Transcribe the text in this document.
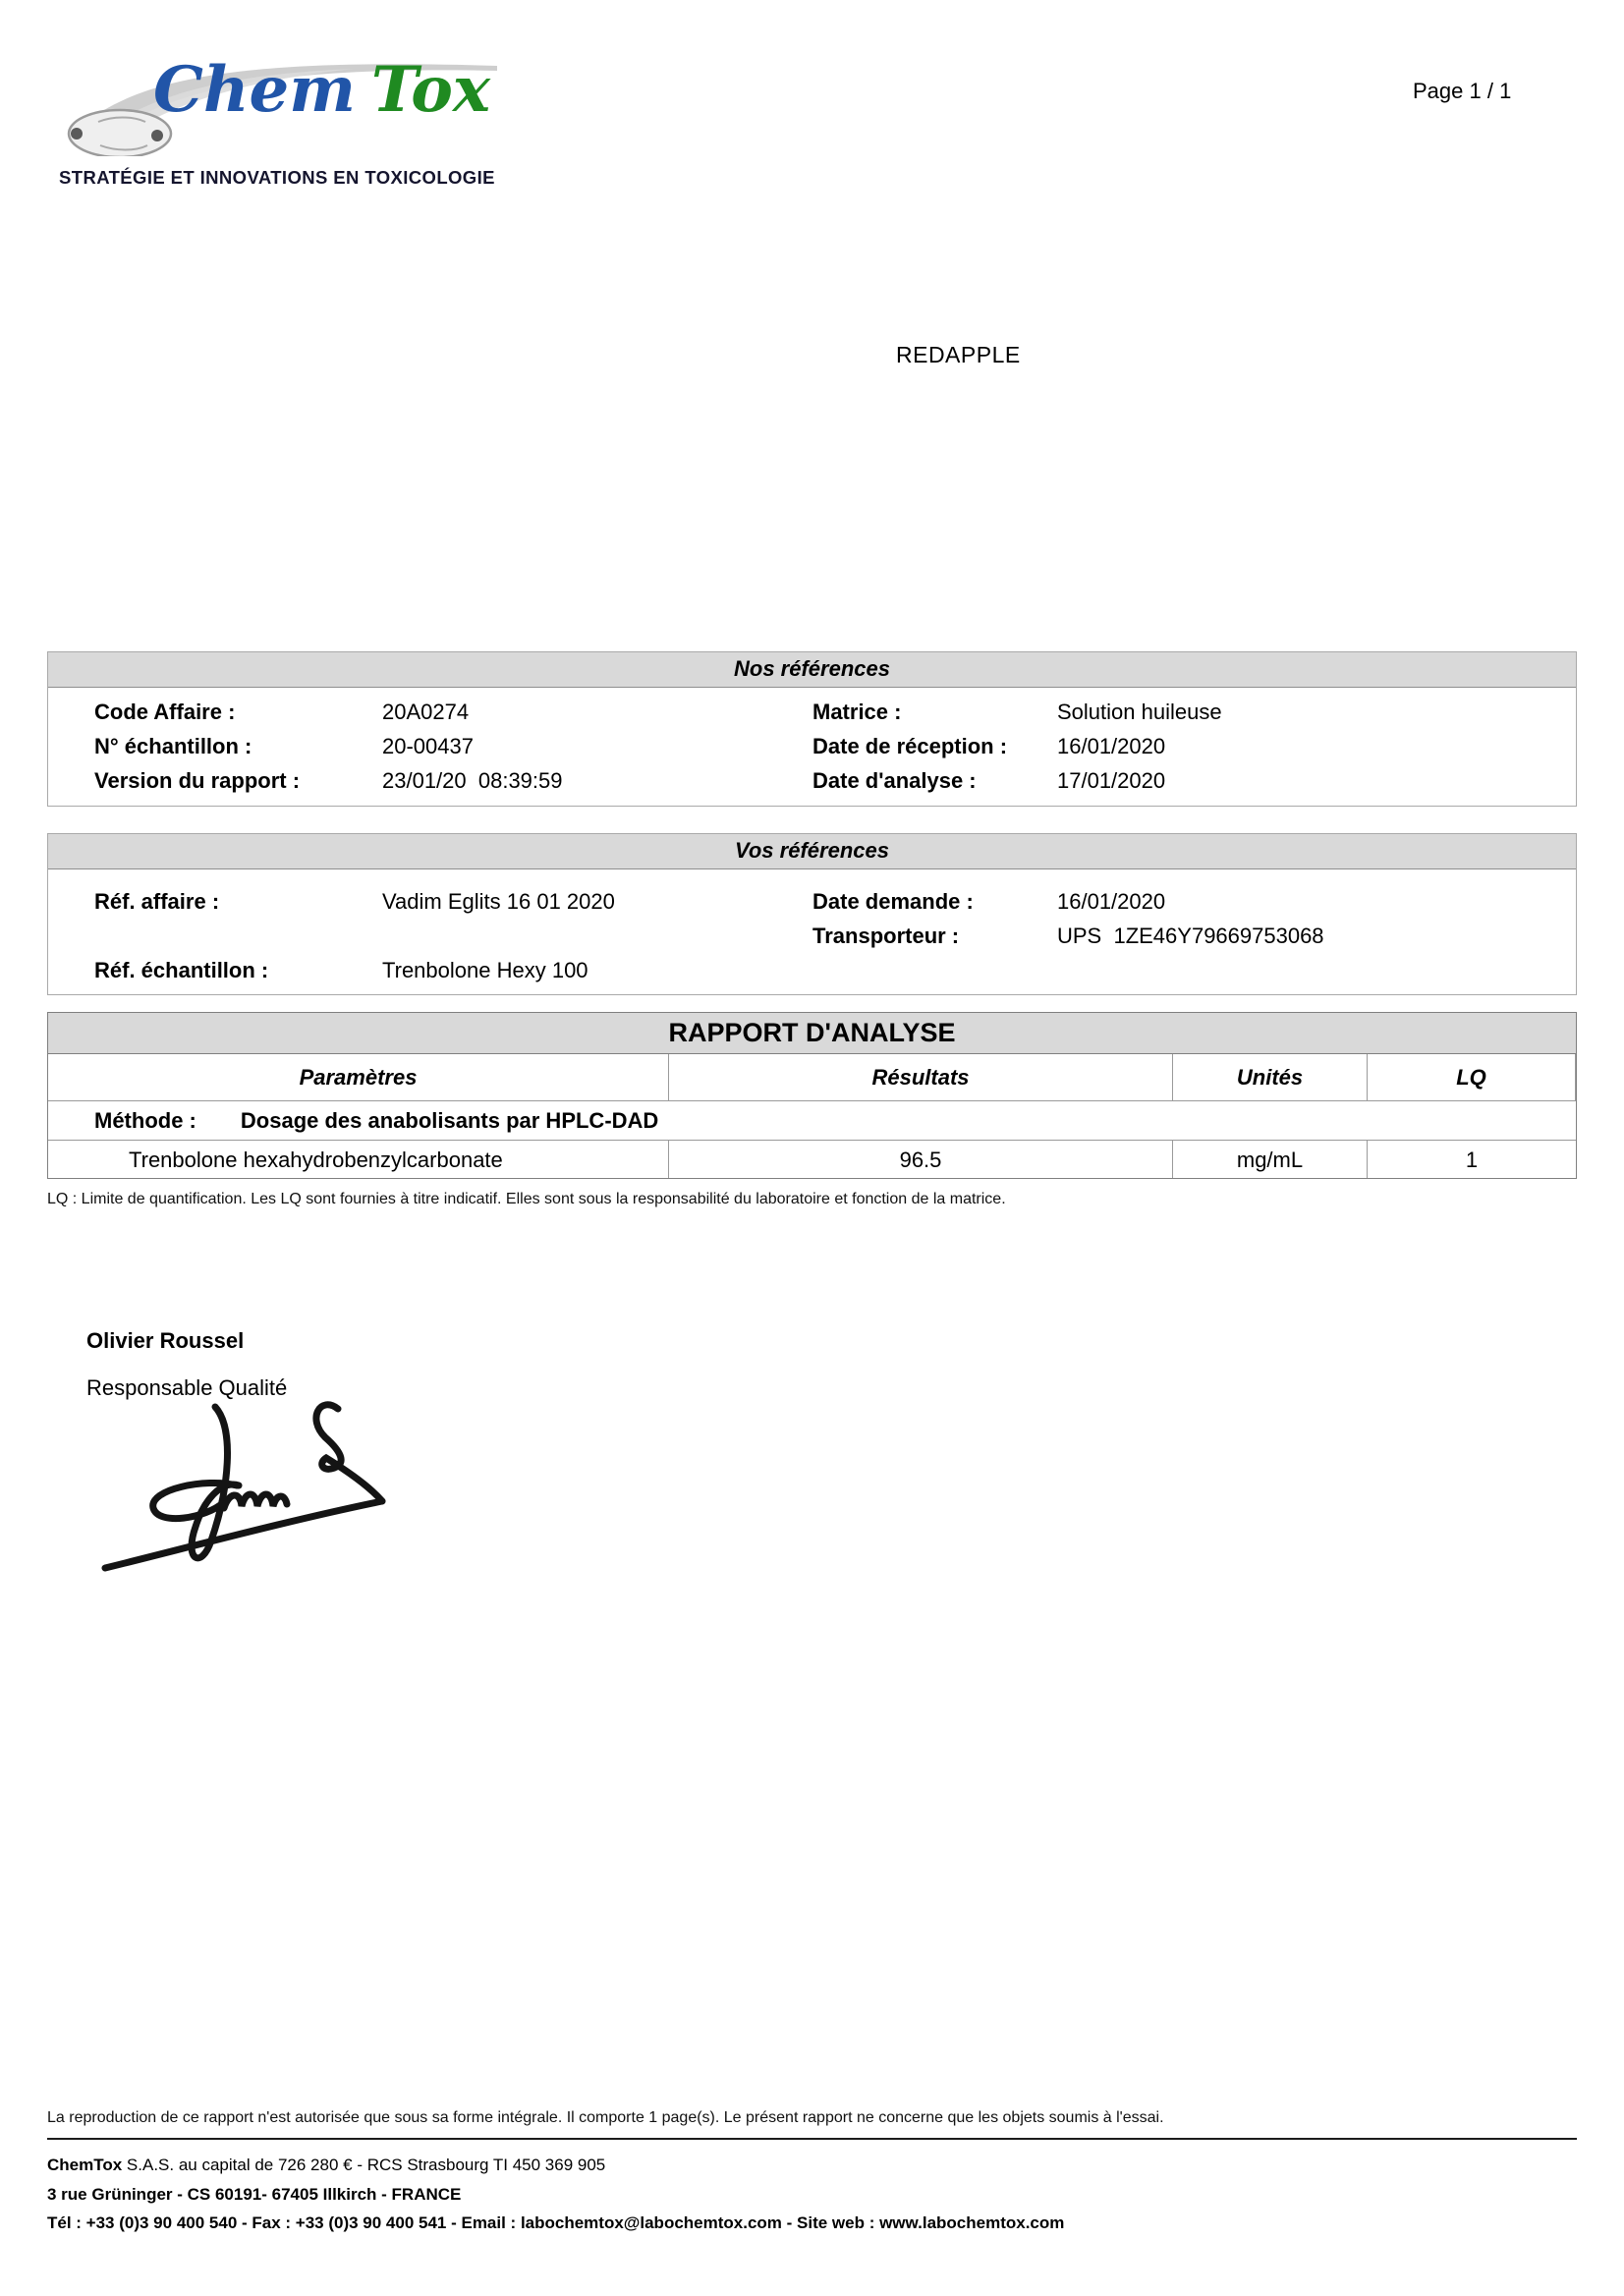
Chem Tox
STRATÉGIE ET INNOVATIONS EN TOXICOLOGIE
Page 1 / 1
REDAPPLE
Nos références
Code Affaire :	20A0274
N° échantillon :	20-00437
Version du rapport :	23/01/20  08:39:59
Matrice :	Solution huileuse
Date de réception : 16/01/2020
Date d'analyse :	17/01/2020
Vos références
Réf. affaire :	Vadim Eglits 16 01 2020
Réf. échantillon :	Trenbolone Hexy 100
Date demande :	16/01/2020
Transporteur :	UPS  1ZE46Y79669753068
RAPPORT D'ANALYSE
Paramètres	Résultats	Unités	LQ
Méthode : Dosage des anabolisants par HPLC-DAD
Trenbolone hexahydrobenzylcarbonate	96.5	mg/mL	1
LQ : Limite de quantification. Les LQ sont fournies à titre indicatif. Elles sont sous la responsabilité du laboratoire et fonction de la matrice.
Olivier Roussel
Responsable Qualité
La reproduction de ce rapport n'est autorisée que sous sa forme intégrale. Il comporte 1 page(s). Le présent rapport ne concerne que les objets soumis à l'essai.
ChemTox S.A.S. au capital de 726 280 € - RCS Strasbourg TI 450 369 905
3 rue Grüninger - CS 60191- 67405 Illkirch - FRANCE
Tél : +33 (0)3 90 400 540 - Fax : +33 (0)3 90 400 541 - Email : labochemtox@labochemtox.com - Site web : www.labochemtox.com
